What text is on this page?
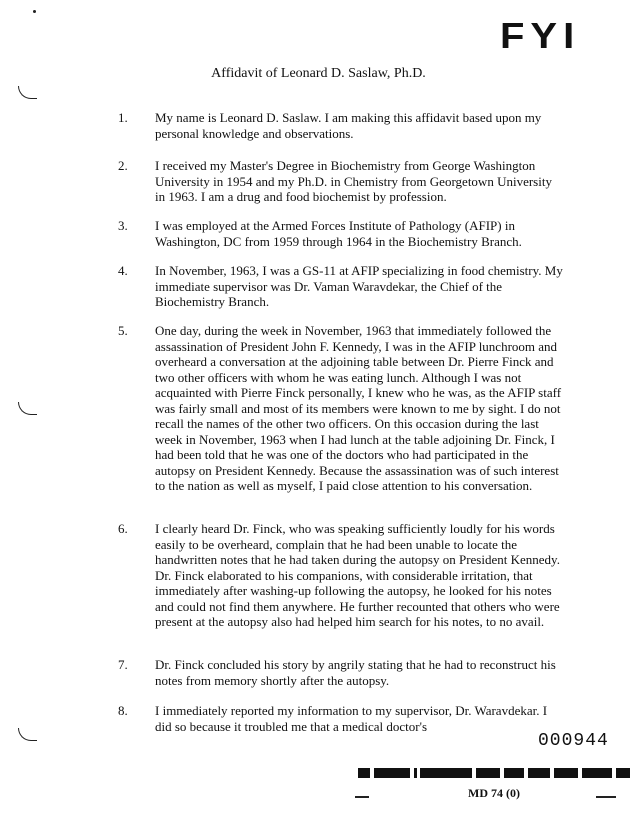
FYI
Affidavit of Leonard D. Saslaw, Ph.D.
1.	My name is Leonard D. Saslaw. I am making this affidavit based upon my personal knowledge and observations.
2.	I received my Master's Degree in Biochemistry from George Washington University in 1954 and my Ph.D. in Chemistry from Georgetown University in 1963. I am a drug and food biochemist by profession.
3.	I was employed at the Armed Forces Institute of Pathology (AFIP) in Washington, DC from 1959 through 1964 in the Biochemistry Branch.
4.	In November, 1963, I was a GS-11 at AFIP specializing in food chemistry. My immediate supervisor was Dr. Vaman Waravdekar, the Chief of the Biochemistry Branch.
5.	One day, during the week in November, 1963 that immediately followed the assassination of President John F. Kennedy, I was in the AFIP lunchroom and overheard a conversation at the adjoining table between Dr. Pierre Finck and two other officers with whom he was eating lunch. Although I was not acquainted with Pierre Finck personally, I knew who he was, as the AFIP staff was fairly small and most of its members were known to me by sight. I do not recall the names of the other two officers. On this occasion during the last week in November, 1963 when I had lunch at the table adjoining Dr. Finck, I had been told that he was one of the doctors who had participated in the autopsy on President Kennedy. Because the assassination was of such interest to the nation as well as myself, I paid close attention to his conversation.
6.	I clearly heard Dr. Finck, who was speaking sufficiently loudly for his words easily to be overheard, complain that he had been unable to locate the handwritten notes that he had taken during the autopsy on President Kennedy. Dr. Finck elaborated to his companions, with considerable irritation, that immediately after washing-up following the autopsy, he looked for his notes and could not find them anywhere. He further recounted that others who were present at the autopsy also had helped him search for his notes, to no avail.
7.	Dr. Finck concluded his story by angrily stating that he had to reconstruct his notes from memory shortly after the autopsy.
8.	I immediately reported my information to my supervisor, Dr. Waravdekar. I did so because it troubled me that a medical doctor's
000944
MD 74 (0)
